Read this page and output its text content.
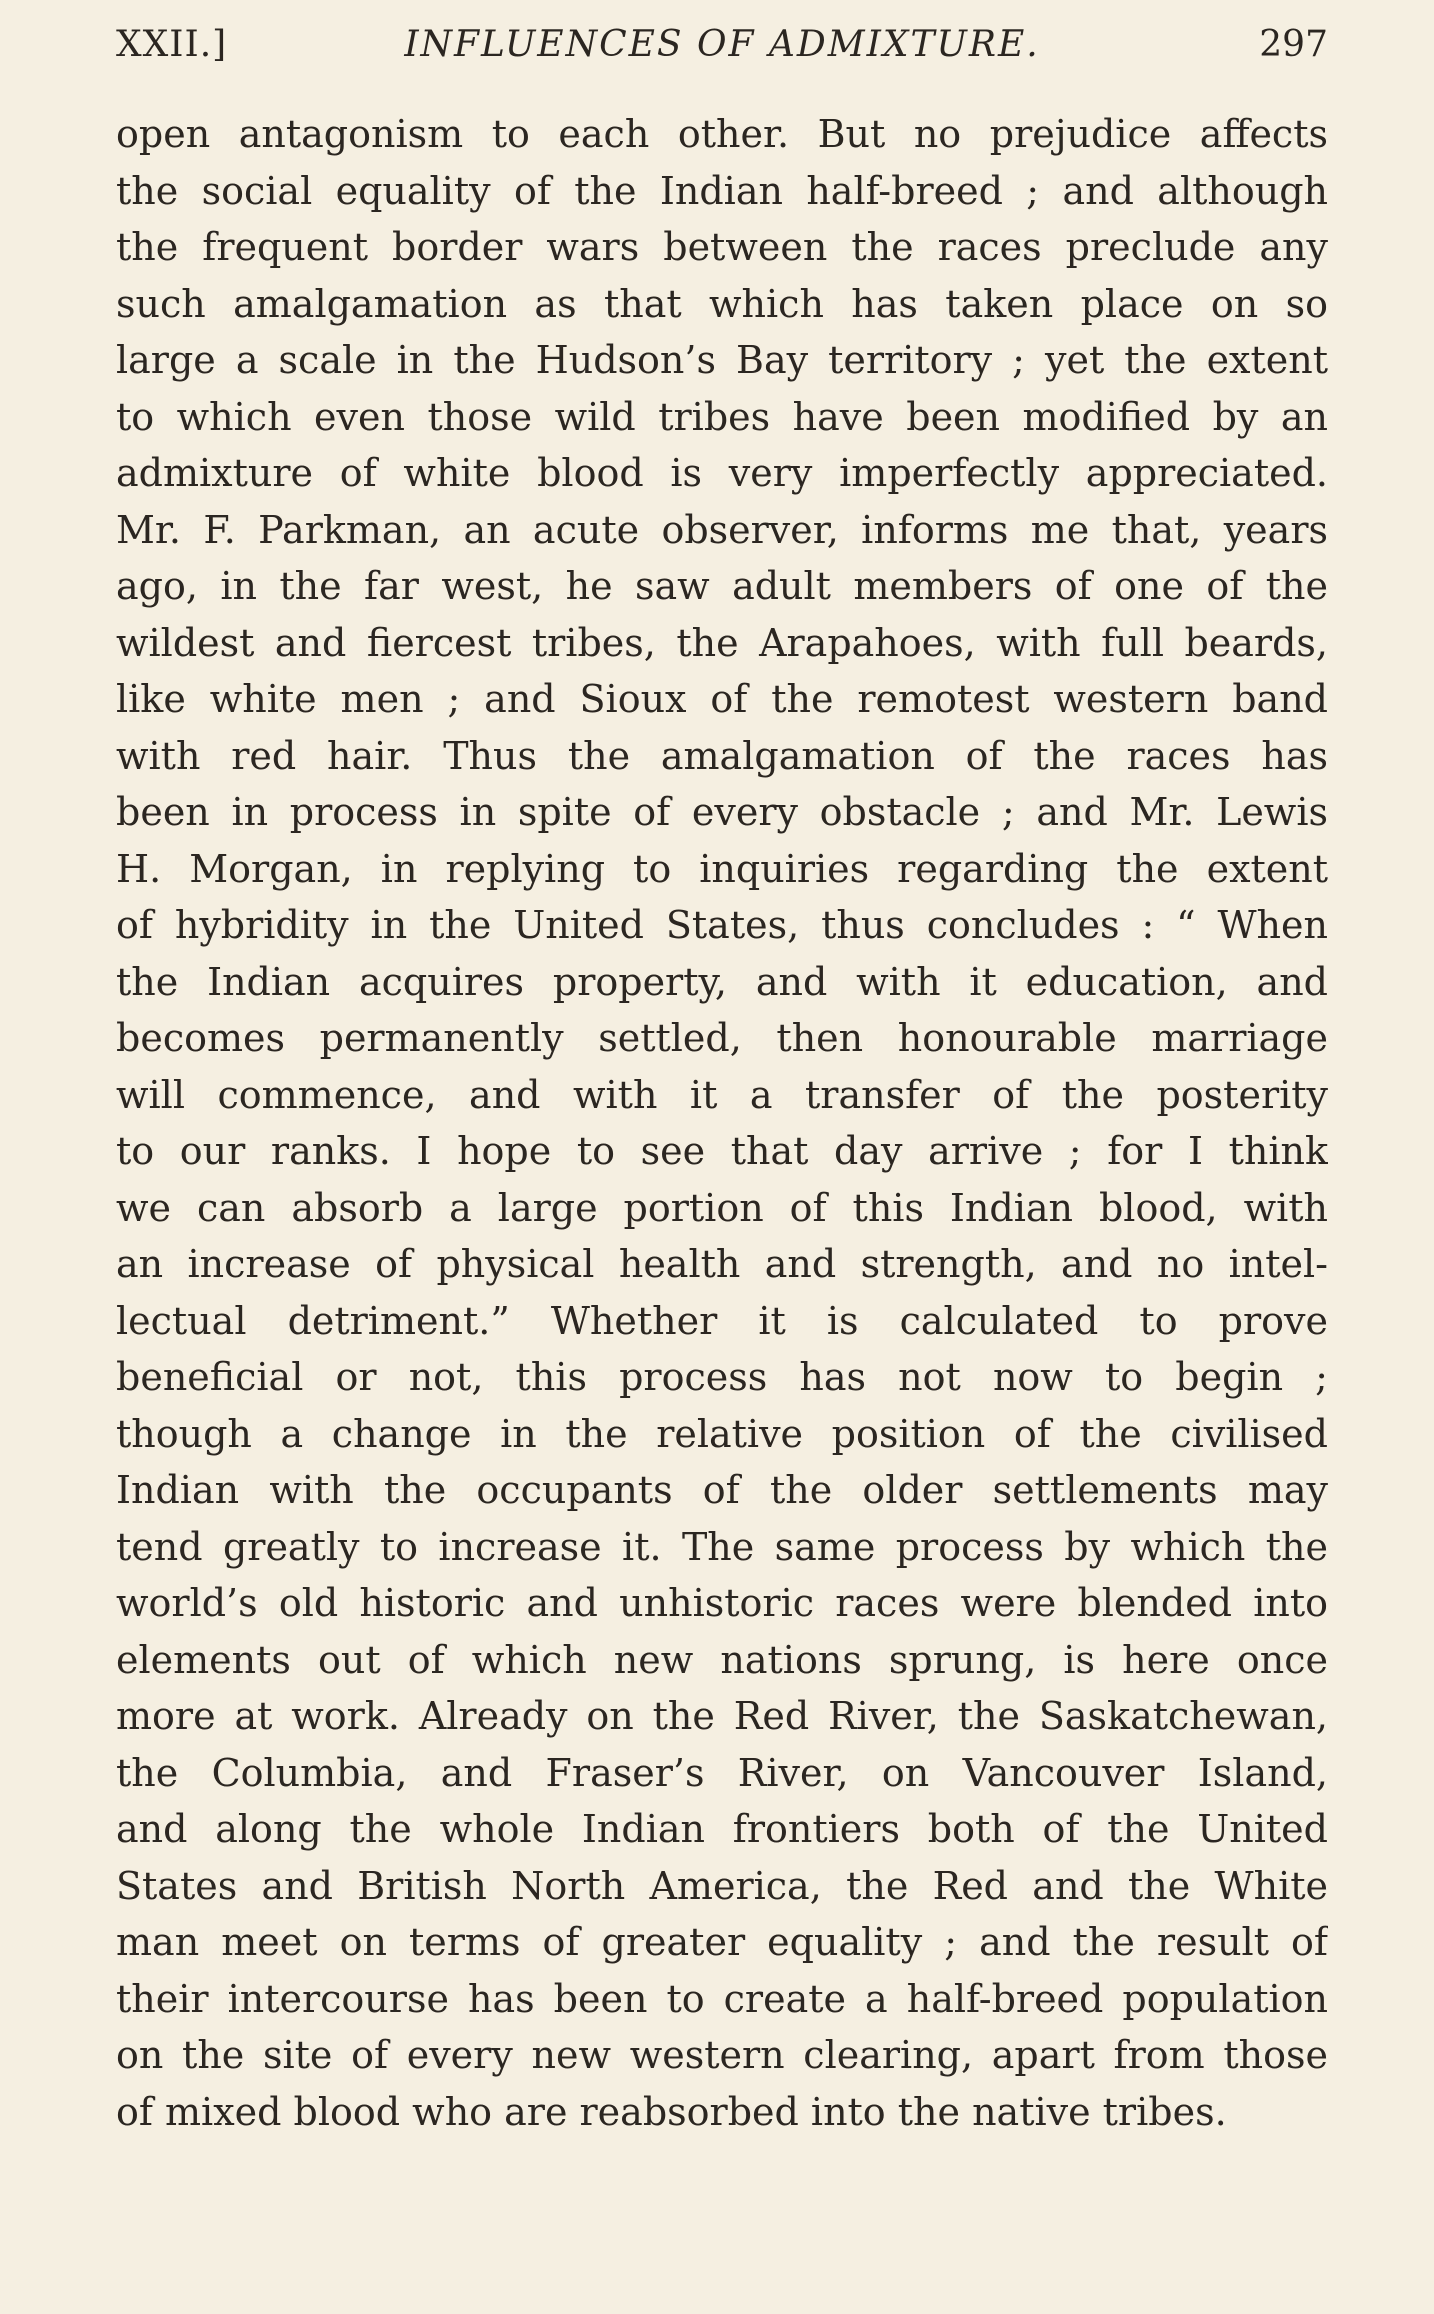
XXII.]	INFLUENCES OF ADMIXTURE.	297
open antagonism to each other. But no prejudice affects
the social equality of the Indian half-breed ; and although
the frequent border wars between the races preclude any
such amalgamation as that which has taken place on so
large a scale in the Hudson’s Bay territory ; yet the extent
to which even those wild tribes have been modified by an
admixture of white blood is very imperfectly appreciated.
Mr. F. Parkman, an acute observer, informs me that, years
ago, in the far west, he saw adult members of one of the
wildest and fiercest tribes, the Arapahoes, with full beards,
like white men ; and Sioux of the remotest western band
with red hair. Thus the amalgamation of the races has
been in process in spite of every obstacle ; and Mr. Lewis
H. Morgan, in replying to inquiries regarding the extent
of hybridity in the United States, thus concludes : “ When
the Indian acquires property, and with it education, and
becomes permanently settled, then honourable marriage
will commence, and with it a transfer of the posterity
to our ranks. I hope to see that day arrive ; for I think
we can absorb a large portion of this Indian blood, with
an increase of physical health and strength, and no intel-
lectual detriment.” Whether it is calculated to prove
beneficial or not, this process has not now to begin ;
though a change in the relative position of the civilised
Indian with the occupants of the older settlements may
tend greatly to increase it. The same process by which the
world’s old historic and unhistoric races were blended into
elements out of which new nations sprung, is here once
more at work. Already on the Red River, the Saskatchewan,
the Columbia, and Fraser’s River, on Vancouver Island,
and along the whole Indian frontiers both of the United
States and British North America, the Red and the White
man meet on terms of greater equality ; and the result of
their intercourse has been to create a half-breed population
on the site of every new western clearing, apart from those
of mixed blood who are reabsorbed into the native tribes.
